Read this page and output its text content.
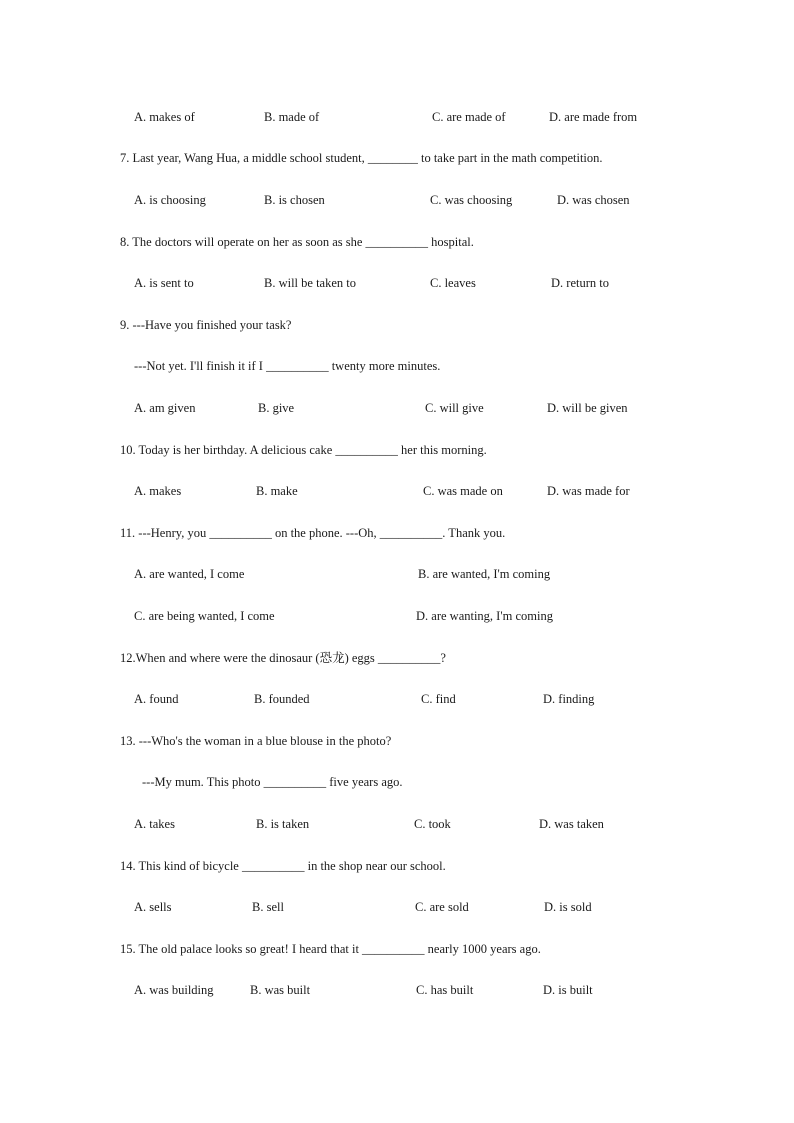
A. makes of	B. made of	C. are made of	D. are made from
7. Last year, Wang Hua, a middle school student, ________ to take part in the math competition.
A. is choosing	B. is chosen	C. was choosing	D. was chosen
8. The doctors will operate on her as soon as she __________ hospital.
A. is sent to	B. will be taken to	C. leaves	D. return to
9. ---Have you finished your task?
---Not yet. I'll finish it if I __________ twenty more minutes.
A. am given	B. give	C. will give	D. will be given
10. Today is her birthday. A delicious cake __________ her this morning.
A. makes	B. make	C. was made on	D. was made for
11. ---Henry, you __________ on the phone. ---Oh, __________. Thank you.
A. are wanted, I come	B. are wanted, I'm coming
C. are being wanted, I come	D. are wanting, I'm coming
12.When and where were the dinosaur (恐龙) eggs __________?
A. found	B. founded	C. find	D. finding
13. ---Who's the woman in a blue blouse in the photo?
---My mum. This photo __________ five years ago.
A. takes	B. is taken	C. took	D. was taken
14. This kind of bicycle __________ in the shop near our school.
A. sells	B. sell	C. are sold	D. is sold
15. The old palace looks so great! I heard that it __________ nearly 1000 years ago.
A. was building	B. was built	C. has built	D. is built
